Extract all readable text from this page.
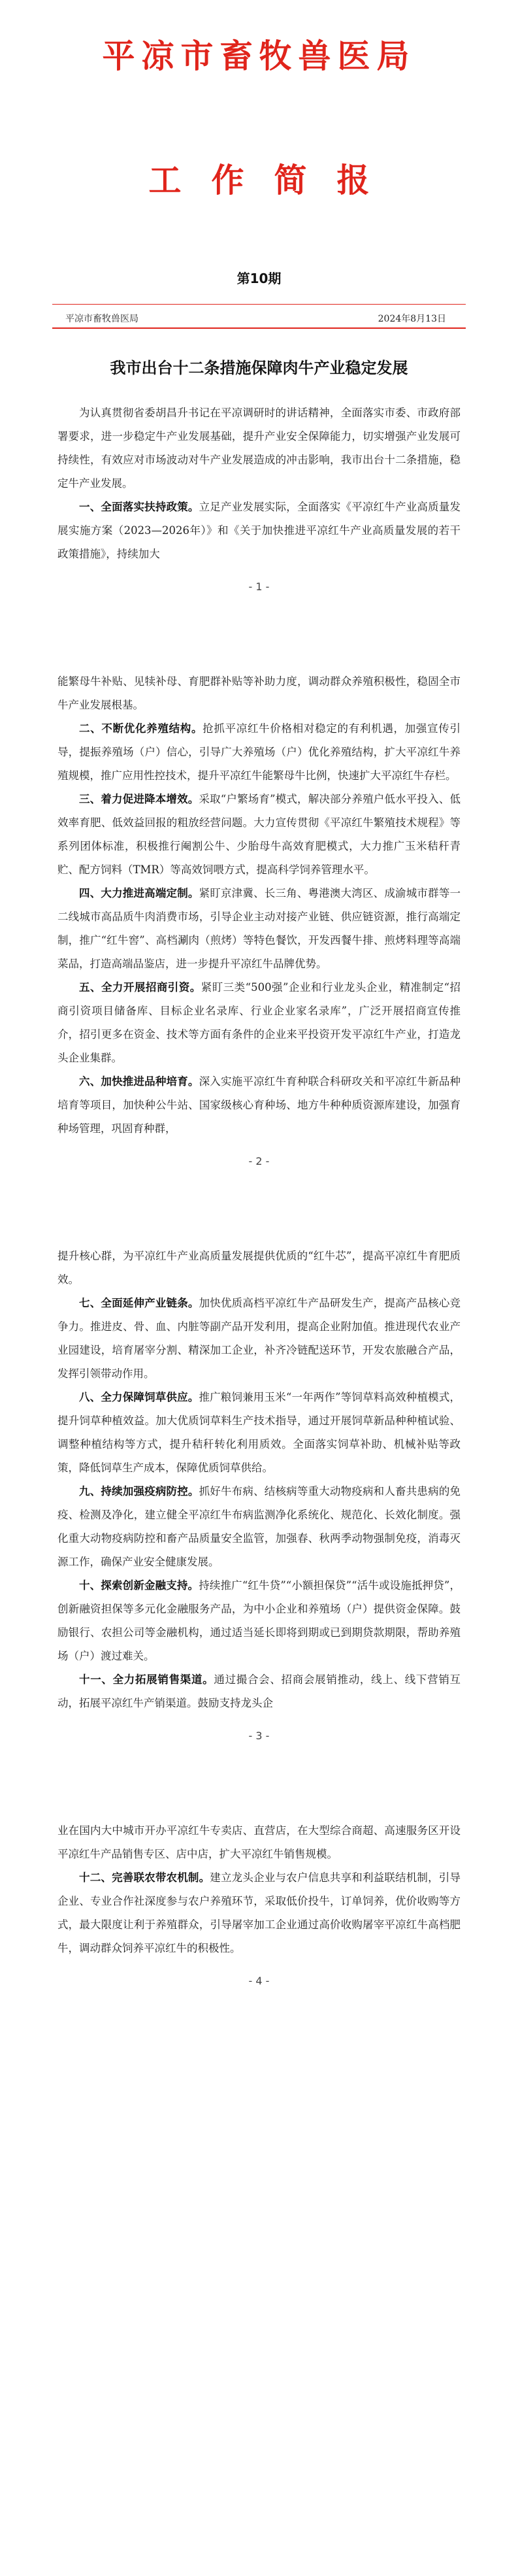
平凉市畜牧兽医局
工作简报
第10期
平凉市畜牧兽医局	2024年8月13日
我市出台十二条措施保障肉牛产业稳定发展

为认真贯彻省委胡昌升书记在平凉调研时的讲话精神，全面落实市委、市政府部署要求，进一步稳定牛产业发展基础，提升产业安全保障能力，切实增强产业发展可持续性，有效应对市场波动对牛产业发展造成的冲击影响，我市出台十二条措施，稳定牛产业发展。

一、全面落实扶持政策。立足产业发展实际，全面落实《平凉红牛产业高质量发展实施方案（2023—2026年）》和《关于加快推进平凉红牛产业高质量发展的若干政策措施》，持续加大

- 1 -

能繁母牛补贴、见犊补母、育肥群补贴等补助力度，调动群众养殖积极性，稳固全市牛产业发展根基。

二、不断优化养殖结构。抢抓平凉红牛价格相对稳定的有利机遇，加强宣传引导，提振养殖场（户）信心，引导广大养殖场（户）优化养殖结构，扩大平凉红牛养殖规模，推广应用性控技术，提升平凉红牛能繁母牛比例，快速扩大平凉红牛存栏。

三、着力促进降本增效。采取“户繁场育”模式，解决部分养殖户低水平投入、低效率育肥、低效益回报的粗放经营问题。大力宣传贯彻《平凉红牛繁殖技术规程》等系列团体标准，积极推行阉割公牛、少胎母牛高效育肥模式，大力推广玉米秸秆青贮、配方饲料（TMR）等高效饲喂方式，提高科学饲养管理水平。

四、大力推进高端定制。紧盯京津冀、长三角、粤港澳大湾区、成渝城市群等一二线城市高品质牛肉消费市场，引导企业主动对接产业链、供应链资源，推行高端定制，推广“红牛窖”、高档涮肉（煎烤）等特色餐饮，开发西餐牛排、煎烤料理等高端菜品，打造高端品鉴店，进一步提升平凉红牛品牌优势。

五、全力开展招商引资。紧盯三类“500强”企业和行业龙头企业，精准制定“招商引资项目储备库、目标企业名录库、行业企业家名录库”，广泛开展招商宣传推介，招引更多在资金、技术等方面有条件的企业来平投资开发平凉红牛产业，打造龙头企业集群。

六、加快推进品种培育。深入实施平凉红牛育种联合科研攻关和平凉红牛新品种培育等项目，加快种公牛站、国家级核心育种场、地方牛种种质资源库建设，加强育种场管理，巩固育种群，

- 2 -

提升核心群，为平凉红牛产业高质量发展提供优质的“红牛芯”，提高平凉红牛育肥质效。

七、全面延伸产业链条。加快优质高档平凉红牛产品研发生产，提高产品核心竞争力。推进皮、骨、血、内脏等副产品开发利用，提高企业附加值。推进现代农业产业园建设，培育屠宰分割、精深加工企业，补齐冷链配送环节，开发农旅融合产品，发挥引领带动作用。

八、全力保障饲草供应。推广粮饲兼用玉米“一年两作”等饲草料高效种植模式，提升饲草种植效益。加大优质饲草料生产技术指导，通过开展饲草新品种种植试验、调整种植结构等方式，提升秸秆转化利用质效。全面落实饲草补助、机械补贴等政策，降低饲草生产成本，保障优质饲草供给。

九、持续加强疫病防控。抓好牛布病、结核病等重大动物疫病和人畜共患病的免疫、检测及净化，建立健全平凉红牛布病监测净化系统化、规范化、长效化制度。强化重大动物疫病防控和畜产品质量安全监管，加强春、秋两季动物强制免疫，消毒灭源工作，确保产业安全健康发展。

十、探索创新金融支持。持续推广“红牛贷”“小额担保贷”“活牛或设施抵押贷”，创新融资担保等多元化金融服务产品，为中小企业和养殖场（户）提供资金保障。鼓励银行、农担公司等金融机构，通过适当延长即将到期或已到期贷款期限，帮助养殖场（户）渡过难关。

十一、全力拓展销售渠道。通过撮合会、招商会展销推动，线上、线下营销互动，拓展平凉红牛产销渠道。鼓励支持龙头企

- 3 -

业在国内大中城市开办平凉红牛专卖店、直营店，在大型综合商超、高速服务区开设平凉红牛产品销售专区、店中店，扩大平凉红牛销售规模。

十二、完善联农带农机制。建立龙头企业与农户信息共享和利益联结机制，引导企业、专业合作社深度参与农户养殖环节，采取低价投牛，订单饲养，优价收购等方式，最大限度让利于养殖群众，引导屠宰加工企业通过高价收购屠宰平凉红牛高档肥牛，调动群众饲养平凉红牛的积极性。

- 4 -
